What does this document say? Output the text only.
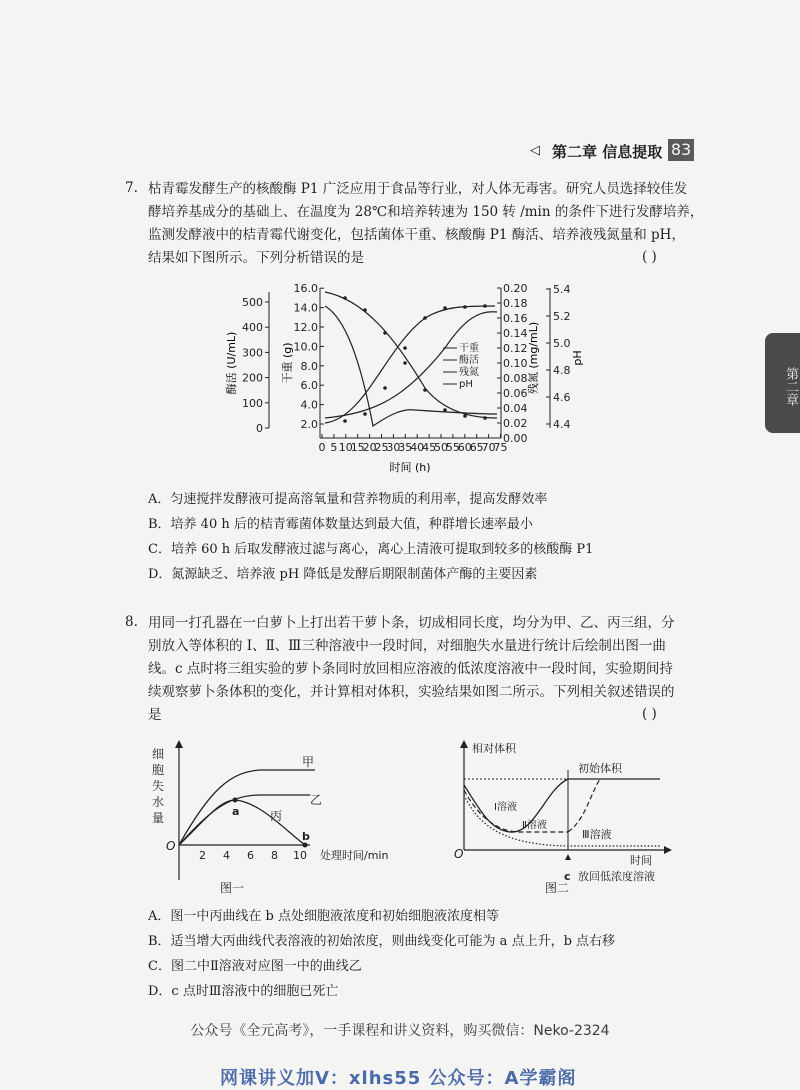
◁ 第二章 信息提取 83
第二章
7. 枯青霉发酵生产的核酸酶 P1 广泛应用于食品等行业，对人体无毒害。研究人员选择较佳发
酵培养基成分的基础上、在温度为 28℃和培养转速为 150 转 /min 的条件下进行发酵培养，
监测发酵液中的桔青霉代谢变化，包括菌体干重、核酸酶 P1 酶活、培养液残氮量和 pH，
结果如下图所示。下列分析错误的是	( )
0
100
200
300
400
500
2.0
4.0
6.0
8.0
10.0
12.0
14.0
16.0
0 5 10
15
20
25
30
35
40
45
50
55
60
65
70
75
0.00
0.02
0.04
0.06
0.08
0.10
0.12
0.14
0.16
0.18
0.20
4.4
4.6
4.8
5.0
5.2
5.4
酶活 (U/mL)	干重 (g)	残氮 (mg/mL)	pH
时间 (h)
干重
酶活
残氮
pH
A．匀速搅拌发酵液可提高溶氧量和营养物质的利用率，提高发酵效率
B．培养 40 h 后的桔青霉菌体数量达到最大值，种群增长速率最小
C．培养 60 h 后取发酵液过滤与离心，离心上清液可提取到较多的核酸酶 P1
D．氮源缺乏、培养液 pH 降低是发酵后期限制菌体产酶的主要因素
8. 用同一打孔器在一白萝卜上打出若干萝卜条，切成相同长度，均分为甲、乙、丙三组，分
别放入等体积的 Ⅰ、Ⅱ、Ⅲ三种溶液中一段时间，对细胞失水量进行统计后绘制出图一曲
线。c 点时将三组实验的萝卜条同时放回相应溶液的低浓度溶液中一段时间，实验期间持
续观察萝卜条体积的变化，并计算相对体积，实验结果如图二所示。下列相关叙述错误的
是	( )
细
胞
失
水
量
O
2 4 6 8 10 处理时间/min
甲
乙
丙
a
b
图一
相对体积
O
初始体积
Ⅰ溶液
Ⅱ溶液
Ⅲ溶液
c
时间
放回低浓度溶液
图二
A．图一中丙曲线在 b 点处细胞液浓度和初始细胞液浓度相等
B．适当增大丙曲线代表溶液的初始浓度，则曲线变化可能为 a 点上升，b 点右移
C．图二中Ⅱ溶液对应图一中的曲线乙
D．c 点时Ⅲ溶液中的细胞已死亡
公众号《全元高考》，一手课程和讲义资料，购买微信：Neko-2324
网课讲义加V：xlhs55 公众号：A学霸阁
